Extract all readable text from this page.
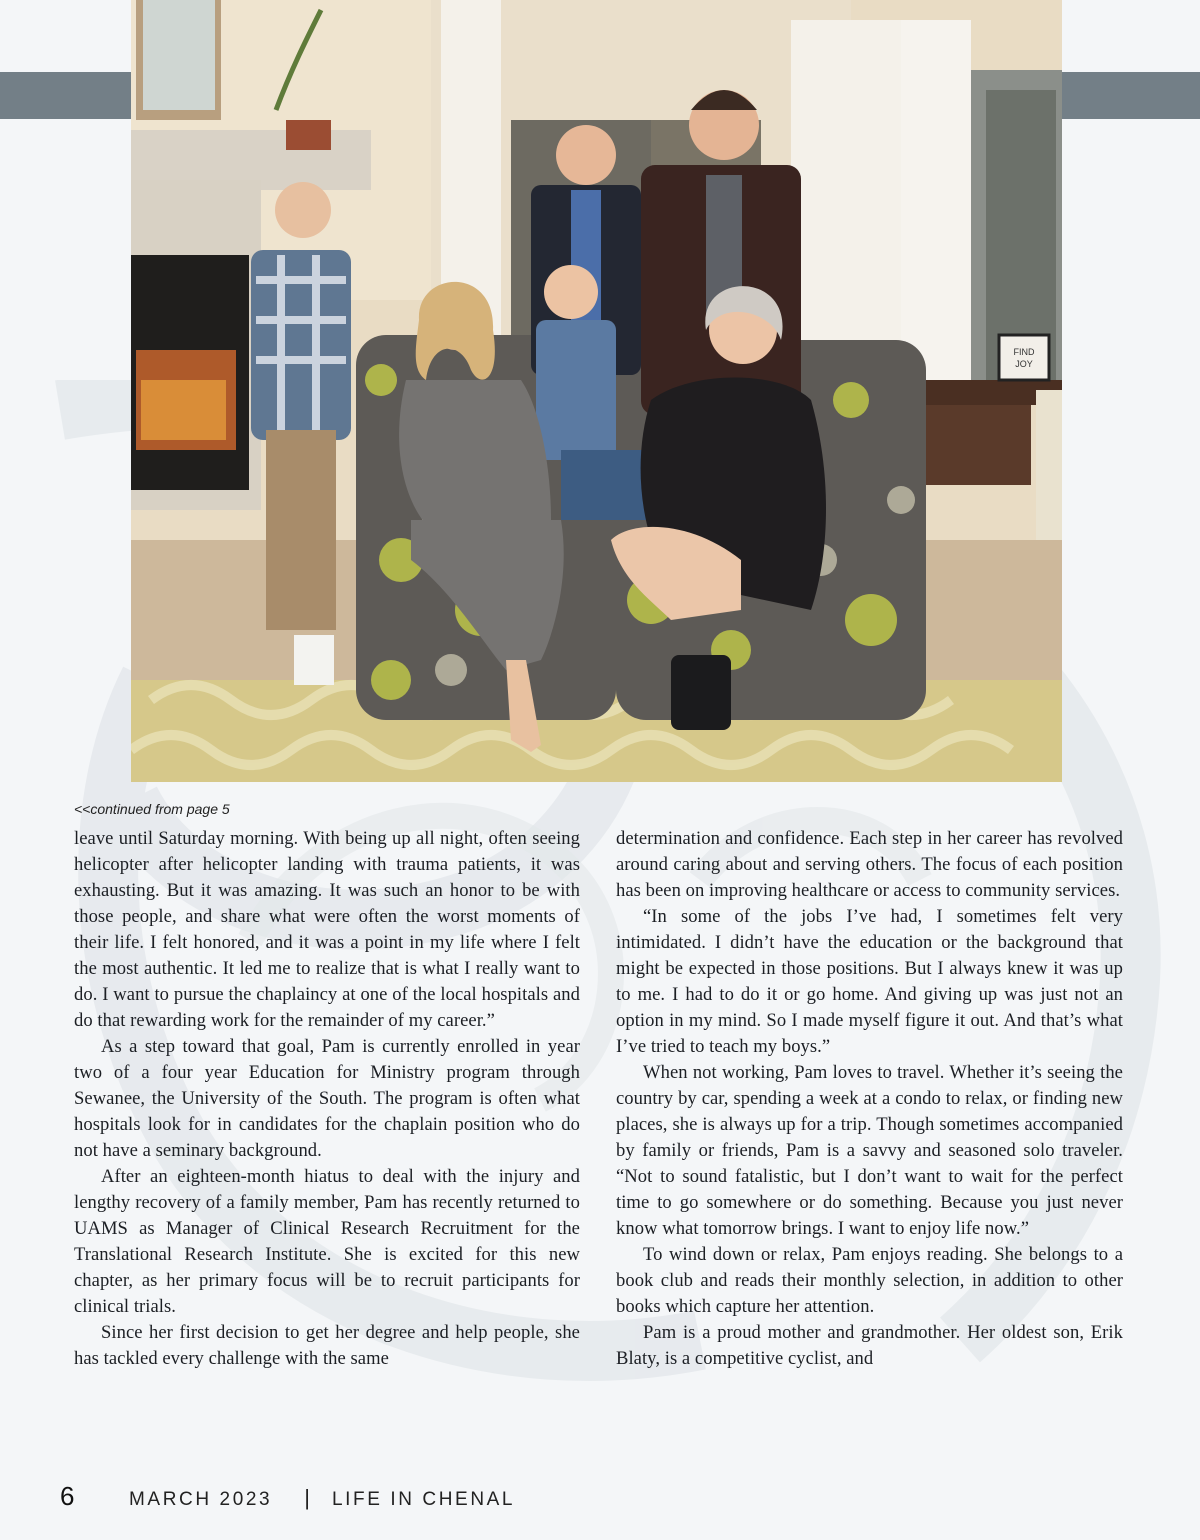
FIND
JOY
<<continued from page 5

leave until Saturday morning. With being up all night, often seeing helicopter after helicopter landing with trauma patients, it was exhausting. But it was amazing. It was such an honor to be with those people, and share what were often the worst moments of their life. I felt honored, and it was a point in my life where I felt the most authentic. It led me to realize that is what I really want to do. I want to pursue the chaplaincy at one of the local hospitals and do that rewarding work for the remainder of my career.”

As a step toward that goal, Pam is currently enrolled in year two of a four year Education for Ministry program through Sewanee, the University of the South. The program is often what hospitals look for in candidates for the chaplain position who do not have a seminary background.

After an eighteen-month hiatus to deal with the injury and lengthy recovery of a family member, Pam has recently returned to UAMS as Manager of Clinical Research Recruitment for the Translational Research Institute. She is excited for this new chapter, as her primary focus will be to recruit participants for clinical trials.

Since her first decision to get her degree and help people, she has tackled every challenge with the same

determination and confidence. Each step in her career has revolved around caring about and serving others. The focus of each position has been on improving healthcare or access to community services.

“In some of the jobs I’ve had, I sometimes felt very intimidated. I didn’t have the education or the background that might be expected in those positions. But I always knew it was up to me. I had to do it or go home. And giving up was just not an option in my mind. So I made myself figure it out. And that’s what I’ve tried to teach my boys.”

When not working, Pam loves to travel. Whether it’s seeing the country by car, spending a week at a condo to relax, or finding new places, she is always up for a trip. Though sometimes accompanied by family or friends, Pam is a savvy and seasoned solo traveler. “Not to sound fatalistic, but I don’t want to wait for the perfect time to go somewhere or do something. Because you just never know what tomorrow brings. I want to enjoy life now.”

To wind down or relax, Pam enjoys reading. She belongs to a book club and reads their monthly selection, in addition to other books which capture her attention.

Pam is a proud mother and grandmother. Her oldest son, Erik Blaty, is a competitive cyclist, and

6	MARCH 2023 | LIFE IN CHENAL
